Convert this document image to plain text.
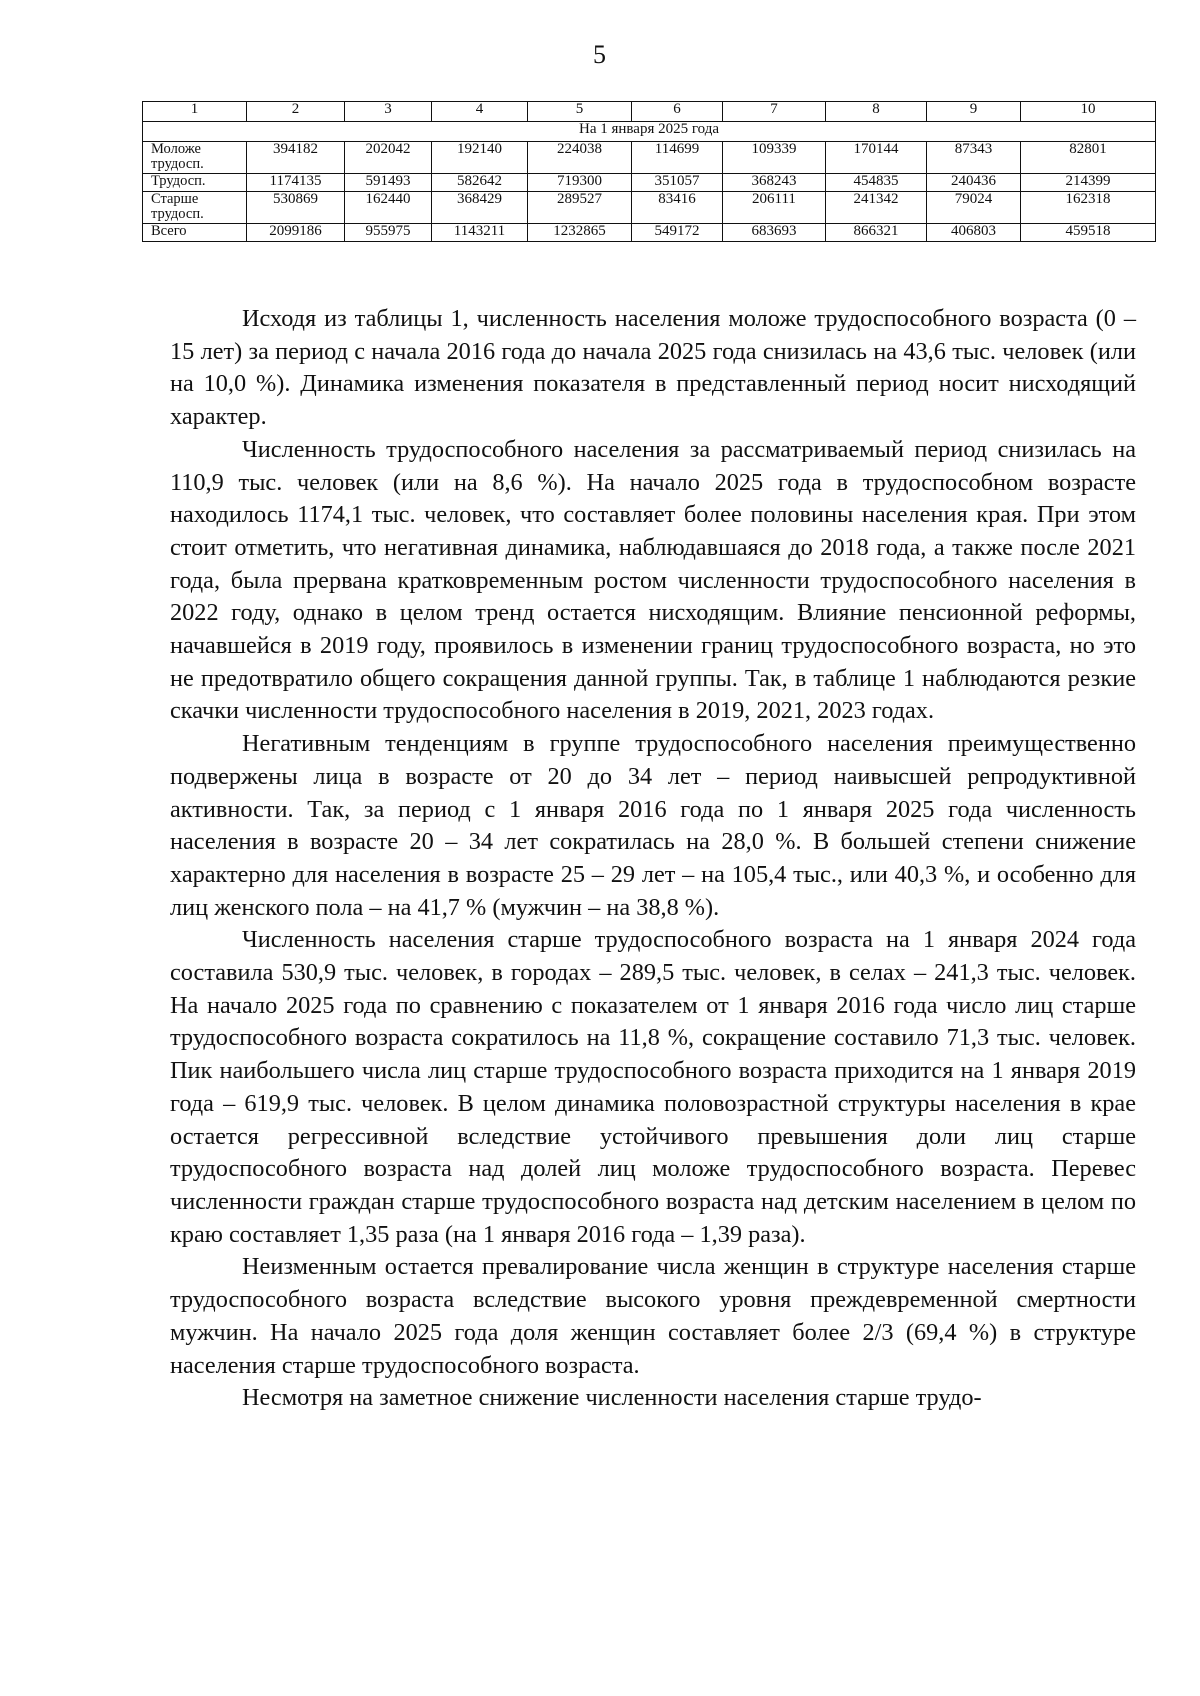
5
1	2	3	4	5	6	7	8	9	10
На 1 января 2025 года									
Моложе трудосп.	394182	202042	192140	224038	114699	109339	170144	87343	82801
Трудосп.	1174135	591493	582642	719300	351057	368243	454835	240436	214399
Старше трудосп.	530869	162440	368429	289527	83416	206111	241342	79024	162318
Всего	2099186	955975	1143211	1232865	549172	683693	866321	406803	459518

Исходя из таблицы 1, численность населения моложе трудоспособного возраста (0 – 15 лет) за период с начала 2016 года до начала 2025 года снизилась на 43,6 тыс. человек (или на 10,0 %). Динамика изменения показателя в представленный период носит нисходящий характер.

Численность трудоспособного населения за рассматриваемый период снизилась на 110,9 тыс. человек (или на 8,6 %). На начало 2025 года в трудоспособном возрасте находилось 1174,1 тыс. человек, что составляет более половины населения края. При этом стоит отметить, что негативная динамика, наблюдавшаяся до 2018 года, а также после 2021 года, была прервана кратковременным ростом численности трудоспособного населения в 2022 году, однако в целом тренд остается нисходящим. Влияние пенсионной реформы, начавшейся в 2019 году, проявилось в изменении границ трудоспособного возраста, но это не предотвратило общего сокращения данной группы. Так, в таблице 1 наблюдаются резкие скачки численности трудоспособного населения в 2019, 2021, 2023 годах.

Негативным тенденциям в группе трудоспособного населения преимущественно подвержены лица в возрасте от 20 до 34 лет – период наивысшей репродуктивной активности. Так, за период с 1 января 2016 года по 1 января 2025 года численность населения в возрасте 20 – 34 лет сократилась на 28,0 %. В большей степени снижение характерно для населения в возрасте 25 – 29 лет – на 105,4 тыс., или 40,3 %, и особенно для лиц женского пола – на 41,7 % (мужчин – на 38,8 %).

Численность населения старше трудоспособного возраста на 1 января 2024 года составила 530,9 тыс. человек, в городах – 289,5 тыс. человек, в селах – 241,3 тыс. человек. На начало 2025 года по сравнению с показателем от 1 января 2016 года число лиц старше трудоспособного возраста сократилось на 11,8 %, сокращение составило 71,3 тыс. человек. Пик наибольшего числа лиц старше трудоспособного возраста приходится на 1 января 2019 года – 619,9 тыс. человек. В целом динамика половозрастной структуры населения в крае остается регрессивной вследствие устойчивого превышения доли лиц старше трудоспособного возраста над долей лиц моложе трудоспособного возраста. Перевес численности граждан старше трудоспособного возраста над детским населением в целом по краю составляет 1,35 раза (на 1 января 2016 года – 1,39 раза).

Неизменным остается превалирование числа женщин в структуре населения старше трудоспособного возраста вследствие высокого уровня преждевременной смертности мужчин. На начало 2025 года доля женщин составляет более 2/3 (69,4 %) в структуре населения старше трудоспособного возраста.

Несмотря на заметное снижение численности населения старше трудо-
